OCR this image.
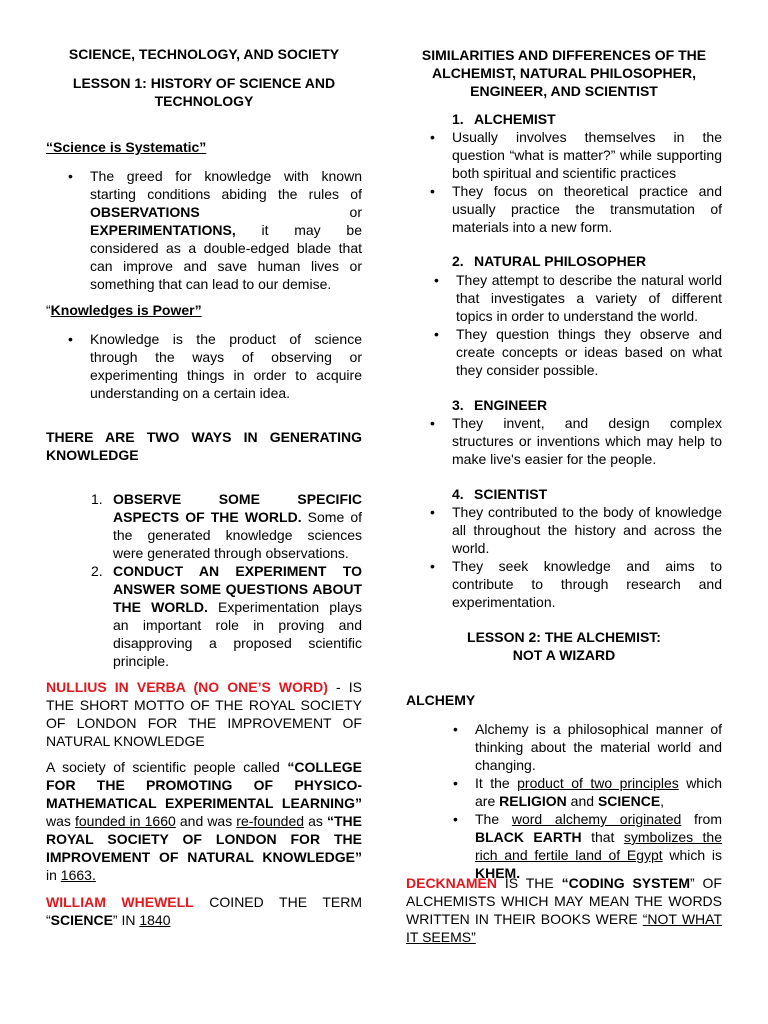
SCIENCE, TECHNOLOGY, AND SOCIETY
LESSON 1: HISTORY OF SCIENCE AND TECHNOLOGY
“Science is Systematic”
• The greed for knowledge with known starting conditions abiding the rules of OBSERVATIONS or EXPERIMENTATIONS, it may be considered as a double-edged blade that can improve and save human lives or something that can lead to our demise.
“Knowledges is Power”
• Knowledge is the product of science through the ways of observing or experimenting things in order to acquire understanding on a certain idea.
THERE ARE TWO WAYS IN GENERATING KNOWLEDGE
1. OBSERVE SOME SPECIFIC ASPECTS OF THE WORLD. Some of the generated knowledge sciences were generated through observations.
2. CONDUCT AN EXPERIMENT TO ANSWER SOME QUESTIONS ABOUT THE WORLD. Experimentation plays an important role in proving and disapproving a proposed scientific principle.
NULLIUS IN VERBA (NO ONE’S WORD) - IS THE SHORT MOTTO OF THE ROYAL SOCIETY OF LONDON FOR THE IMPROVEMENT OF NATURAL KNOWLEDGE
A society of scientific people called “COLLEGE FOR THE PROMOTING OF PHYSICO-MATHEMATICAL EXPERIMENTAL LEARNING” was founded in 1660 and was re-founded as “THE ROYAL SOCIETY OF LONDON FOR THE IMPROVEMENT OF NATURAL KNOWLEDGE” in 1663.
WILLIAM WHEWELL COINED THE TERM “SCIENCE” IN 1840
SIMILARITIES AND DIFFERENCES OF THE ALCHEMIST, NATURAL PHILOSOPHER, ENGINEER, AND SCIENTIST
1. ALCHEMIST
• Usually involves themselves in the question “what is matter?” while supporting both spiritual and scientific practices
• They focus on theoretical practice and usually practice the transmutation of materials into a new form.
2. NATURAL PHILOSOPHER
• They attempt to describe the natural world that investigates a variety of different topics in order to understand the world.
• They question things they observe and create concepts or ideas based on what they consider possible.
3. ENGINEER
• They invent, and design complex structures or inventions which may help to make live's easier for the people.
4. SCIENTIST
• They contributed to the body of knowledge all throughout the history and across the world.
• They seek knowledge and aims to contribute to through research and experimentation.
LESSON 2: THE ALCHEMIST: NOT A WIZARD
ALCHEMY
• Alchemy is a philosophical manner of thinking about the material world and changing.
• It the product of two principles which are RELIGION and SCIENCE,
• The word alchemy originated from BLACK EARTH that symbolizes the rich and fertile land of Egypt which is KHEM.
DECKNAMEN IS THE “CODING SYSTEM” OF ALCHEMISTS WHICH MAY MEAN THE WORDS WRITTEN IN THEIR BOOKS WERE “NOT WHAT IT SEEMS”
